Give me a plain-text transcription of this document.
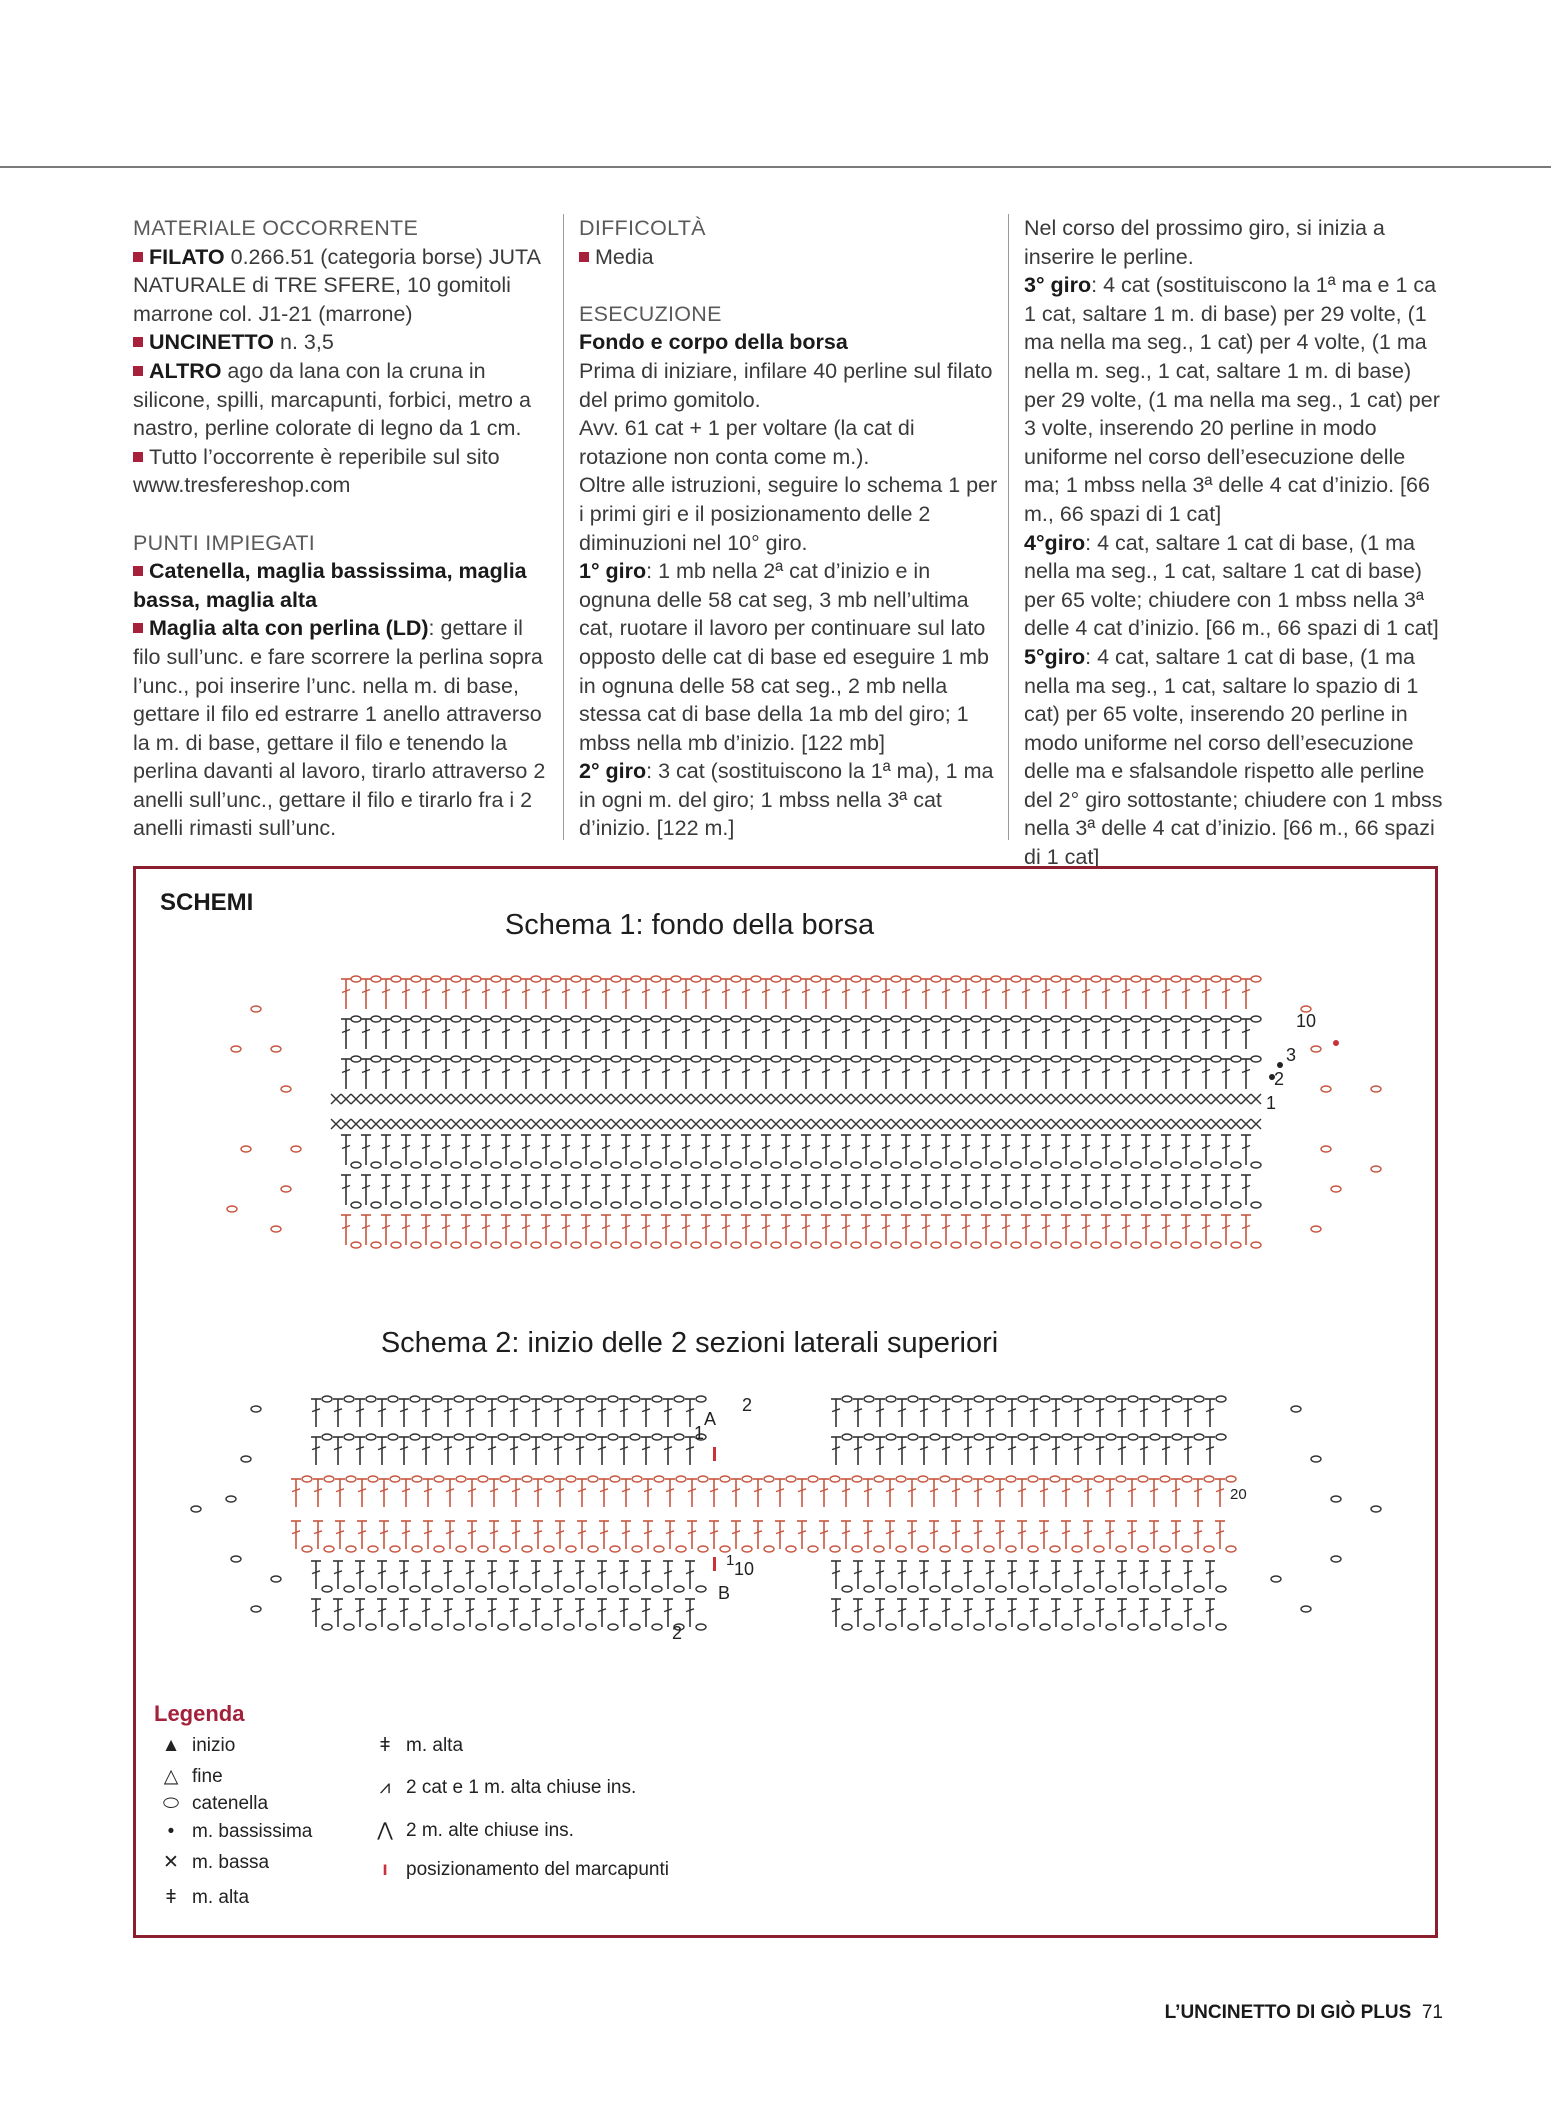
MATERIALE OCCORRENTE

FILATO 0.266.51 (categoria borse) JUTA NATURALE di TRE SFERE, 10 gomitoli marrone col. J1-21 (marrone)

UNCINETTO n. 3,5

ALTRO ago da lana con la cruna in silicone, spilli, marcapunti, forbici, metro a nastro, perline colorate di legno da 1 cm.

Tutto l’occorrente è reperibile sul sito www.tresfereshop.com

PUNTI IMPIEGATI

Catenella, maglia bassissima, maglia bassa, maglia alta

Maglia alta con perlina (LD): gettare il filo sull’unc. e fare scorrere la perlina sopra l’unc., poi inserire l’unc. nella m. di base, gettare il filo ed estrarre 1 anello attraverso la m. di base, gettare il filo e tenendo la perlina davanti al lavoro, tirarlo attraverso 2 anelli sull’unc., gettare il filo e tirarlo fra i 2 anelli rimasti sull’unc.

DIFFICOLTÀ

Media

ESECUZIONE

Fondo e corpo della borsa

Prima di iniziare, infilare 40 perline sul filato del primo gomitolo.

Avv. 61 cat + 1 per voltare (la cat di rotazione non conta come m.).

Oltre alle istruzioni, seguire lo schema 1 per i primi giri e il posizionamento delle 2 diminuzioni nel 10° giro.

1° giro: 1 mb nella 2ª cat d’inizio e in ognuna delle 58 cat seg, 3 mb nell’ultima cat, ruotare il lavoro per continuare sul lato opposto delle cat di base ed eseguire 1 mb in ognuna delle 58 cat seg., 2 mb nella stessa cat di base della 1a mb del giro; 1 mbss nella mb d’inizio. [122 mb]

2° giro: 3 cat (sostituiscono la 1ª ma), 1 ma in ogni m. del giro; 1 mbss nella 3ª cat d’inizio. [122 m.]

Nel corso del prossimo giro, si inizia a inserire le perline.

3° giro: 4 cat (sostituiscono la 1ª ma e 1 ca 1 cat, saltare 1 m. di base) per 29 volte, (1 ma nella ma seg., 1 cat) per 4 volte, (1 ma nella m. seg., 1 cat, saltare 1 m. di base) per 29 volte, (1 ma nella ma seg., 1 cat) per 3 volte, inserendo 20 perline in modo uniforme nel corso dell’esecuzione delle ma; 1 mbss nella 3ª delle 4 cat d’inizio. [66 m., 66 spazi di 1 cat]

4°giro: 4 cat, saltare 1 cat di base, (1 ma nella ma seg., 1 cat, saltare 1 cat di base) per 65 volte; chiudere con 1 mbss nella 3ª delle 4 cat d’inizio. [66 m., 66 spazi di 1 cat]

5°giro: 4 cat, saltare 1 cat di base, (1 ma nella ma seg., 1 cat, saltare lo spazio di 1 cat) per 65 volte, inserendo 20 perline in modo uniforme nel corso dell’esecuzione delle ma e sfalsandole rispetto alle perline del 2° giro sottostante; chiudere con 1 mbss nella 3ª delle 4 cat d’inizio. [66 m., 66 spazi di 1 cat]

SCHEMI
Schema 1: fondo della borsa
Schema 2: inizio delle 2 sezioni laterali superiori
10
3
2
1
A
1
B
10
2
2
20
1
Legenda
▲ inizio
△ fine
⬭ catenella
• m. bassissima
✕ m. bassa
ǂ m. alta
ǂ m. alta
⩘ 2 cat e 1 m. alta chiuse ins.
⋀ 2 m. alte chiuse ins.
ı posizionamento del marcapunti
L’UNCINETTO DI GIÒ PLUS 71
